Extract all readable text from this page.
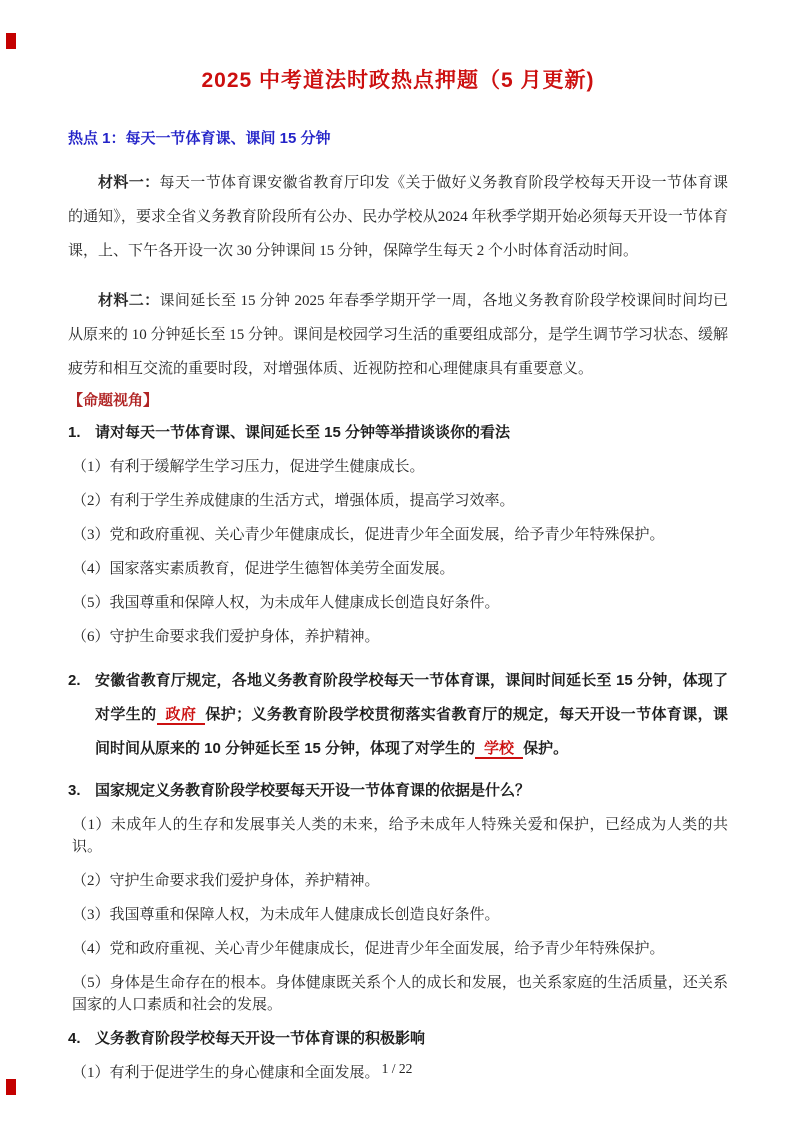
2025 中考道法时政热点押题（5 月更新)
热点 1：每天一节体育课、课间 15 分钟

材料一：每天一节体育课安徽省教育厅印发《关于做好义务教育阶段学校每天开设一节体育课的通知》，要求全省义务教育阶段所有公办、民办学校从2024 年秋季学期开始必须每天开设一节体育课，上、下午各开设一次 30 分钟课间 15 分钟，保障学生每天 2 个小时体育活动时间。

材料二：课间延长至 15 分钟 2025 年春季学期开学一周，各地义务教育阶段学校课间时间均已从原来的 10 分钟延长至 15 分钟。课间是校园学习生活的重要组成部分，是学生调节学习状态、缓解疲劳和相互交流的重要时段，对增强体质、近视防控和心理健康具有重要意义。

【命题视角】
1. 请对每天一节体育课、课间延长至 15 分钟等举措谈谈你的看法

（1）有利于缓解学生学习压力，促进学生健康成长。

（2）有利于学生养成健康的生活方式，增强体质，提高学习效率。

（3）党和政府重视、关心青少年健康成长，促进青少年全面发展，给予青少年特殊保护。

（4）国家落实素质教育，促进学生德智体美劳全面发展。

（5）我国尊重和保障人权，为未成年人健康成长创造良好条件。

（6）守护生命要求我们爱护身体，养护精神。

2. 安徽省教育厅规定，各地义务教育阶段学校每天一节体育课，课间时间延长至 15 分钟，体现了对学生的 政府 保护；义务教育阶段学校贯彻落实省教育厅的规定，每天开设一节体育课，课间时间从原来的 10 分钟延长至 15 分钟，体现了对学生的 学校 保护。
3. 国家规定义务教育阶段学校要每天开设一节体育课的依据是什么？

（1）未成年人的生存和发展事关人类的未来，给予未成年人特殊关爱和保护，已经成为人类的共识。

（2）守护生命要求我们爱护身体，养护精神。

（3）我国尊重和保障人权，为未成年人健康成长创造良好条件。

（4）党和政府重视、关心青少年健康成长，促进青少年全面发展，给予青少年特殊保护。

（5）身体是生命存在的根本。身体健康既关系个人的成长和发展，也关系家庭的生活质量，还关系国家的人口素质和社会的发展。

4. 义务教育阶段学校每天开设一节体育课的积极影响

（1）有利于促进学生的身心健康和全面发展。 1 / 22
